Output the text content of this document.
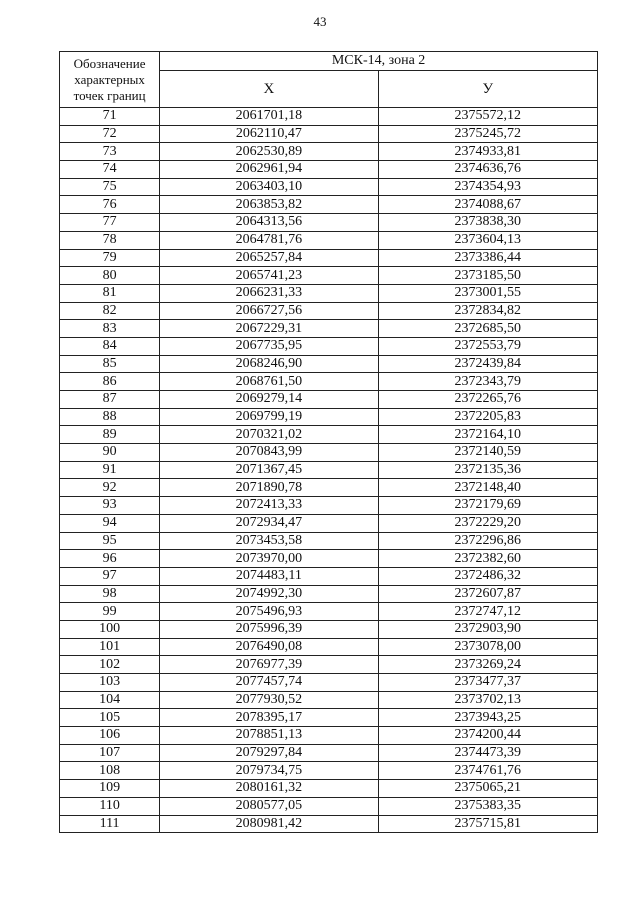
43
Обозначение
характерных
точек границ	МСК-14, зона 2	
	Х	У
71	2061701,18	2375572,12
72	2062110,47	2375245,72
73	2062530,89	2374933,81
74	2062961,94	2374636,76
75	2063403,10	2374354,93
76	2063853,82	2374088,67
77	2064313,56	2373838,30
78	2064781,76	2373604,13
79	2065257,84	2373386,44
80	2065741,23	2373185,50
81	2066231,33	2373001,55
82	2066727,56	2372834,82
83	2067229,31	2372685,50
84	2067735,95	2372553,79
85	2068246,90	2372439,84
86	2068761,50	2372343,79
87	2069279,14	2372265,76
88	2069799,19	2372205,83
89	2070321,02	2372164,10
90	2070843,99	2372140,59
91	2071367,45	2372135,36
92	2071890,78	2372148,40
93	2072413,33	2372179,69
94	2072934,47	2372229,20
95	2073453,58	2372296,86
96	2073970,00	2372382,60
97	2074483,11	2372486,32
98	2074992,30	2372607,87
99	2075496,93	2372747,12
100	2075996,39	2372903,90
101	2076490,08	2373078,00
102	2076977,39	2373269,24
103	2077457,74	2373477,37
104	2077930,52	2373702,13
105	2078395,17	2373943,25
106	2078851,13	2374200,44
107	2079297,84	2374473,39
108	2079734,75	2374761,76
109	2080161,32	2375065,21
110	2080577,05	2375383,35
111	2080981,42	2375715,81
